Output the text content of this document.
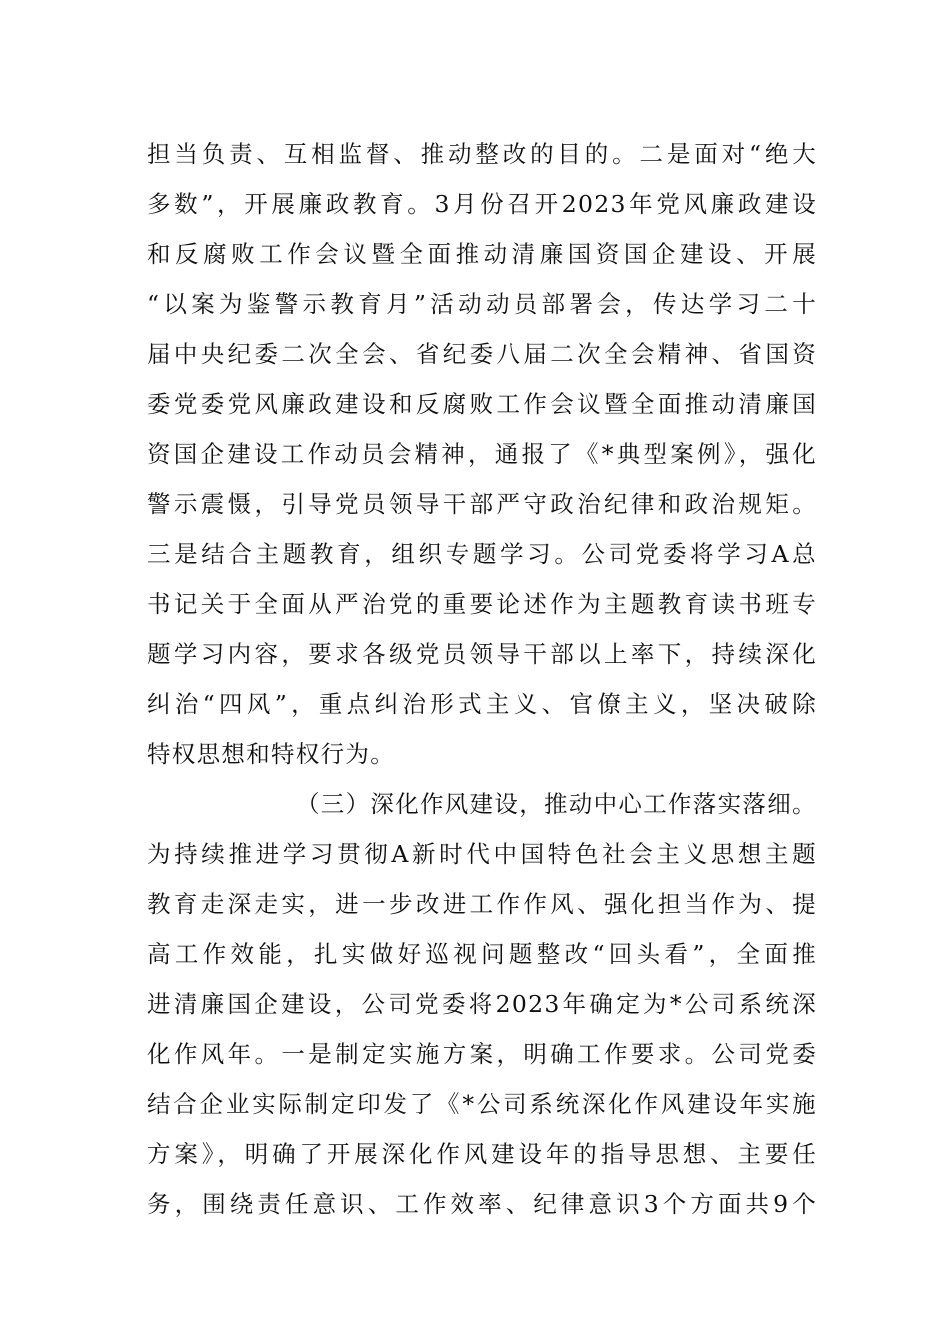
担当负责、互相监督、推动整改的目的。二是面对“绝大
多数”，开展廉政教育。3月份召开2023年党风廉政建设
和反腐败工作会议暨全面推动清廉国资国企建设、开展
“以案为鉴警示教育月”活动动员部署会，传达学习二十
届中央纪委二次全会、省纪委八届二次全会精神、省国资
委党委党风廉政建设和反腐败工作会议暨全面推动清廉国
资国企建设工作动员会精神，通报了《*典型案例》，强化
警示震慑，引导党员领导干部严守政治纪律和政治规矩。
三是结合主题教育，组织专题学习。公司党委将学习A总
书记关于全面从严治党的重要论述作为主题教育读书班专
题学习内容，要求各级党员领导干部以上率下，持续深化
纠治“四风”，重点纠治形式主义、官僚主义，坚决破除
特权思想和特权行为。
（三）深化作风建设，推动中心工作落实落细。
为持续推进学习贯彻A新时代中国特色社会主义思想主题
教育走深走实，进一步改进工作作风、强化担当作为、提
高工作效能，扎实做好巡视问题整改“回头看”，全面推
进清廉国企建设，公司党委将2023年确定为*公司系统深
化作风年。一是制定实施方案，明确工作要求。公司党委
结合企业实际制定印发了《*公司系统深化作风建设年实施
方案》，明确了开展深化作风建设年的指导思想、主要任
务，围绕责任意识、工作效率、纪律意识3个方面共9个
